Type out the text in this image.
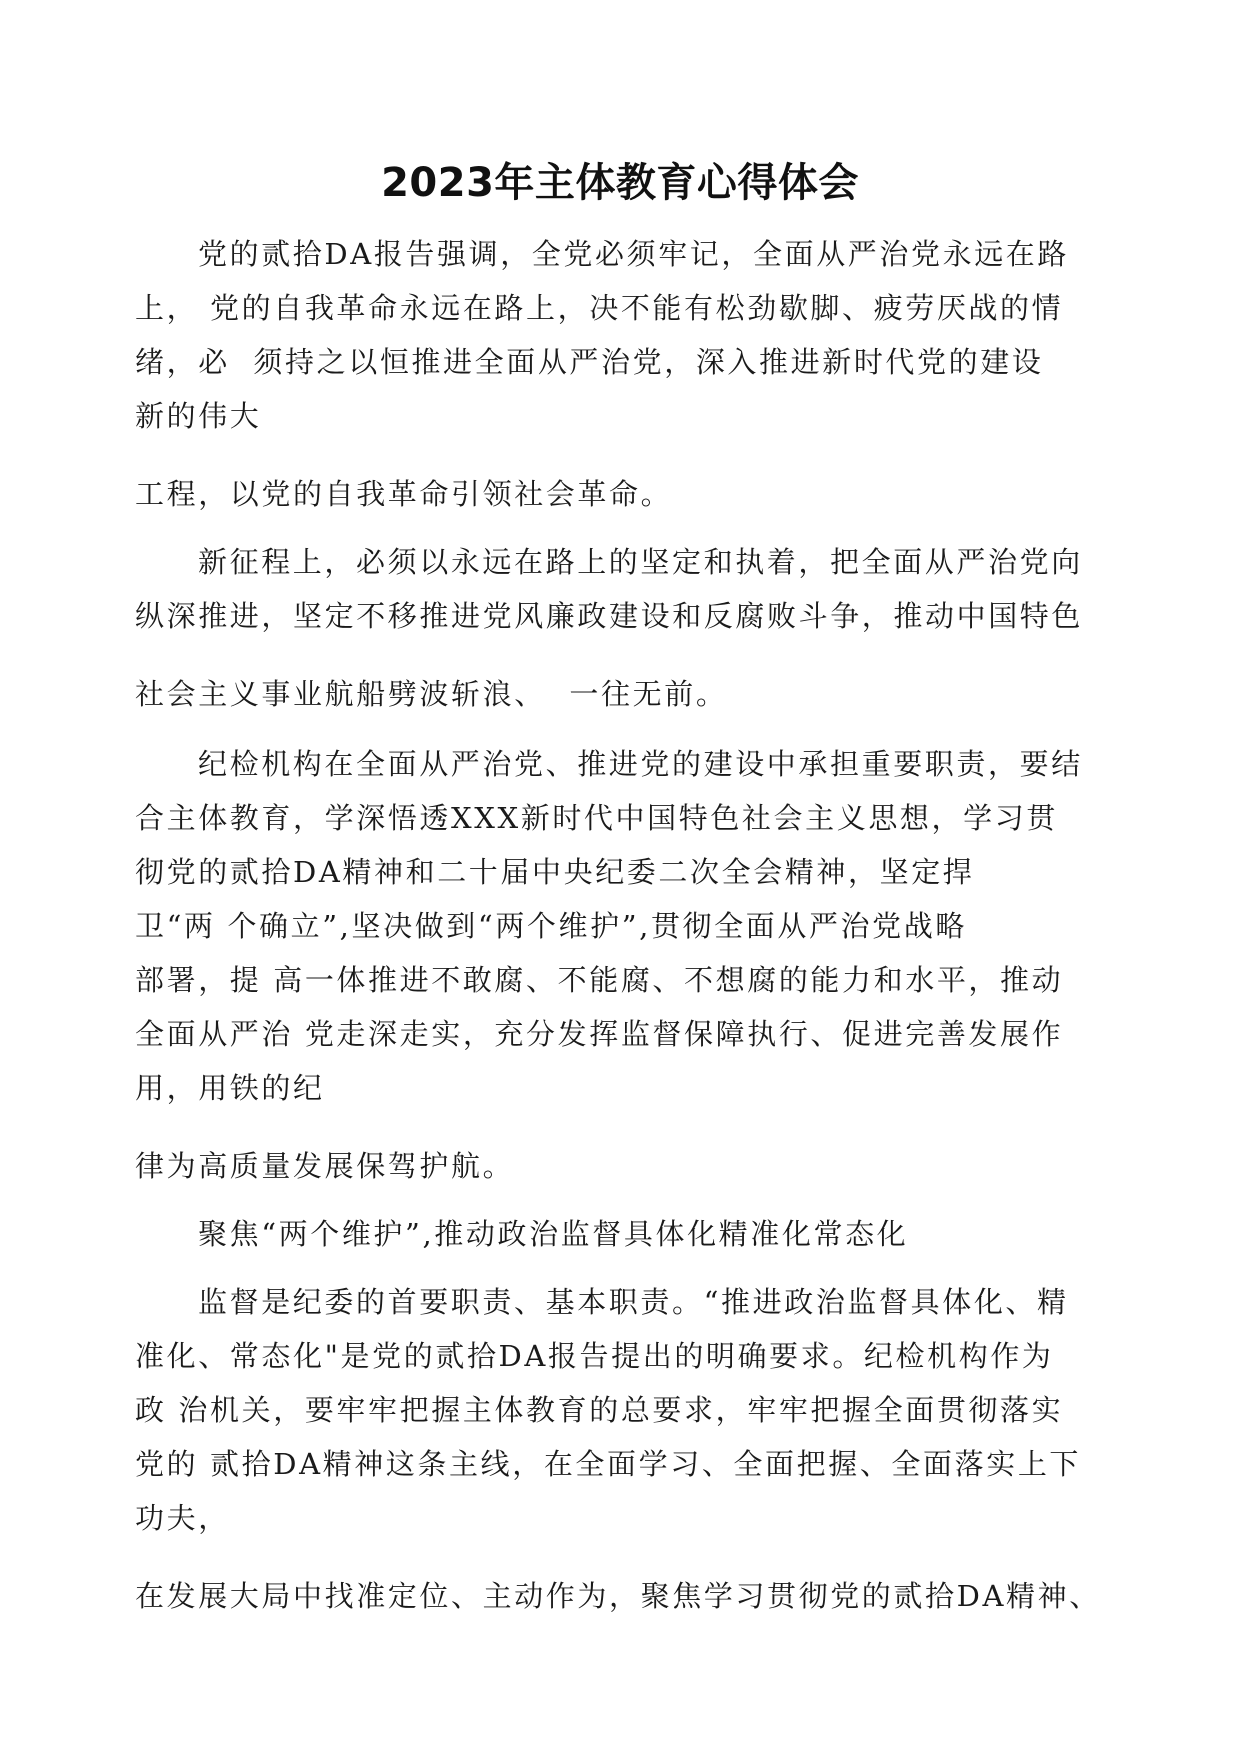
2023年主体教育心得体会
党的贰拾DA报告强调，全党必须牢记，全面从严治党永远在路
上， 党的自我革命永远在路上，决不能有松劲歇脚、疲劳厌战的情
绪，必  须持之以恒推进全面从严治党，深入推进新时代党的建设
新的伟大
工程，以党的自我革命引领社会革命。
新征程上，必须以永远在路上的坚定和执着，把全面从严治党向
纵深推进，坚定不移推进党风廉政建设和反腐败斗争，推动中国特色
社会主义事业航船劈波斩浪、  一往无前。
纪检机构在全面从严治党、推进党的建设中承担重要职责，要结
合主体教育，学深悟透XXX新时代中国特色社会主义思想，学习贯
彻党的贰拾DA精神和二十届中央纪委二次全会精神，坚定捍
卫“两 个确立”,坚决做到“两个维护”,贯彻全面从严治党战略
部署，提 高一体推进不敢腐、不能腐、不想腐的能力和水平，推动
全面从严治 党走深走实，充分发挥监督保障执行、促进完善发展作
用，用铁的纪
律为高质量发展保驾护航。
聚焦“两个维护”,推动政治监督具体化精准化常态化
监督是纪委的首要职责、基本职责。“推进政治监督具体化、精
准化、常态化"是党的贰拾DA报告提出的明确要求。纪检机构作为
政 治机关，要牢牢把握主体教育的总要求，牢牢把握全面贯彻落实
党的 贰拾DA精神这条主线，在全面学习、全面把握、全面落实上下
功夫，
在发展大局中找准定位、主动作为，聚焦学习贯彻党的贰拾DA精神、
